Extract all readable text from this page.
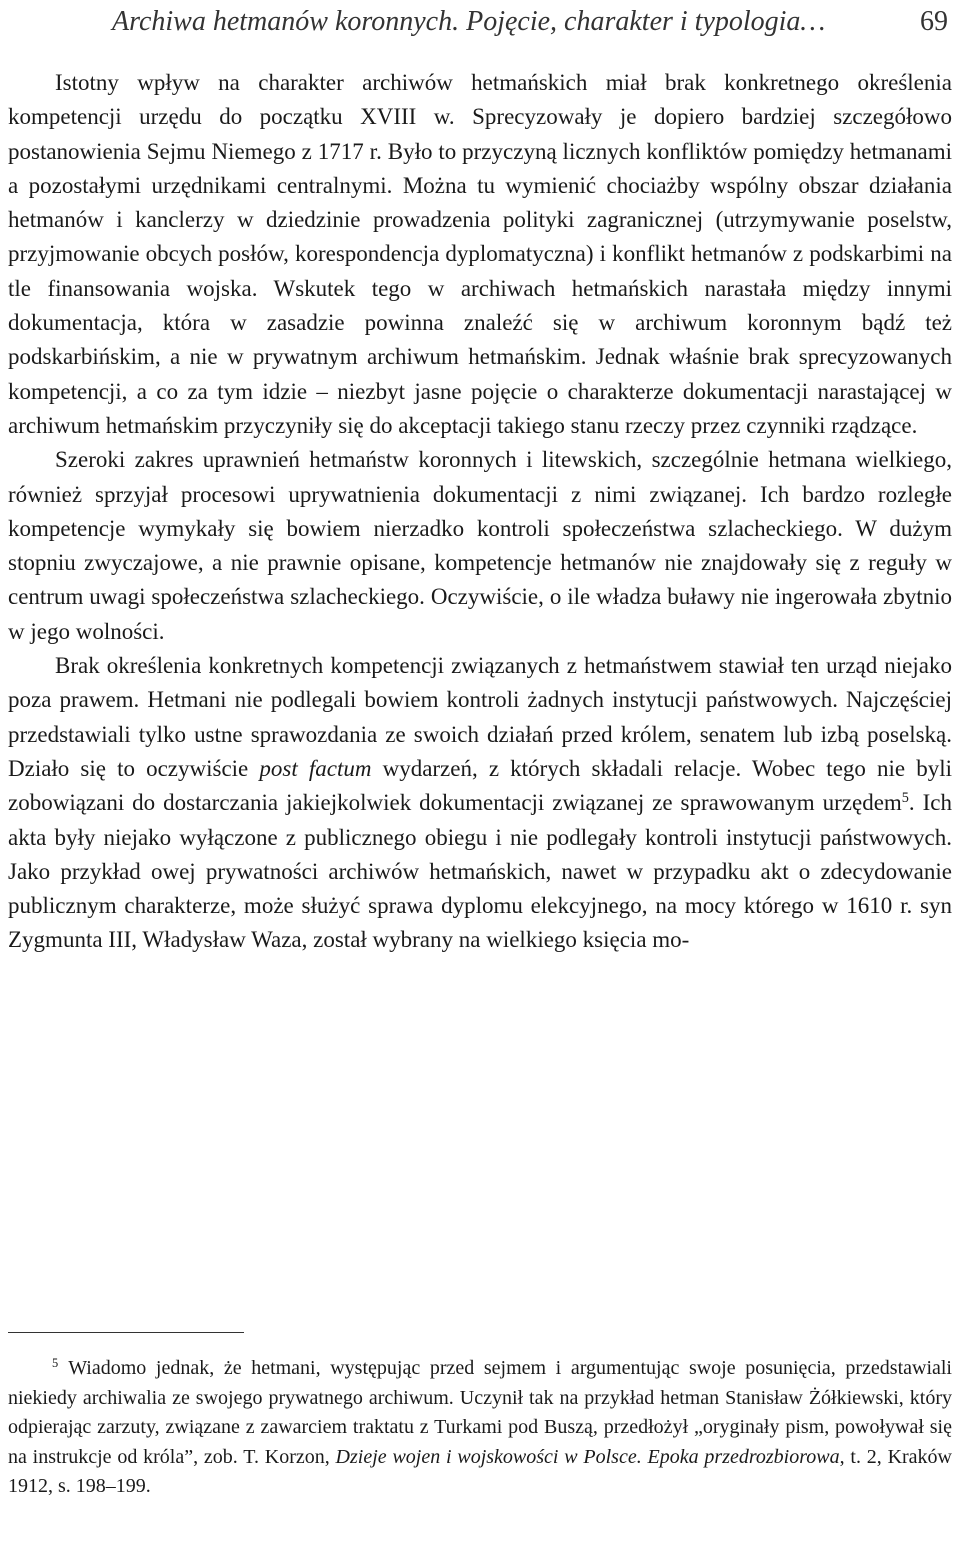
Archiwa hetmanów koronnych. Pojęcie, charakter i typologia…	69

Istotny wpływ na charakter archiwów hetmańskich miał brak konkretnego określenia kompetencji urzędu do początku XVIII w. Sprecyzowały je dopiero bardziej szczegółowo postanowienia Sejmu Niemego z 1717 r. Było to przyczyną licznych konfliktów pomiędzy hetmanami a pozostałymi urzędnikami centralnymi. Można tu wymienić chociażby wspólny obszar działania hetmanów i kanclerzy w dziedzinie prowadzenia polityki zagranicznej (utrzymywanie poselstw, przyjmowanie obcych posłów, korespondencja dyplomatyczna) i konflikt hetmanów z podskarbimi na tle finansowania wojska. Wskutek tego w archiwach hetmańskich narastała między innymi dokumentacja, która w zasadzie powinna znaleźć się w archiwum koronnym bądź też podskarbińskim, a nie w prywatnym archiwum hetmańskim. Jednak właśnie brak sprecyzowanych kompetencji, a co za tym idzie – niezbyt jasne pojęcie o charakterze dokumentacji narastającej w archiwum hetmańskim przyczyniły się do akceptacji takiego stanu rzeczy przez czynniki rządzące.

Szeroki zakres uprawnień hetmaństw koronnych i litewskich, szczególnie hetmana wielkiego, również sprzyjał procesowi uprywatnienia dokumentacji z nimi związanej. Ich bardzo rozległe kompetencje wymykały się bowiem nierzadko kontroli społeczeństwa szlacheckiego. W dużym stopniu zwyczajowe, a nie prawnie opisane, kompetencje hetmanów nie znajdowały się z reguły w centrum uwagi społeczeństwa szlacheckiego. Oczywiście, o ile władza buławy nie ingerowała zbytnio w jego wolności.

Brak określenia konkretnych kompetencji związanych z hetmaństwem stawiał ten urząd niejako poza prawem. Hetmani nie podlegali bowiem kontroli żadnych instytucji państwowych. Najczęściej przedstawiali tylko ustne sprawozdania ze swoich działań przed królem, senatem lub izbą poselską. Działo się to oczywiście post factum wydarzeń, z których składali relacje. Wobec tego nie byli zobowiązani do dostarczania jakiejkolwiek dokumentacji związanej ze sprawowanym urzędem$^5$. Ich akta były niejako wyłączone z publicznego obiegu i nie podlegały kontroli instytucji państwowych. Jako przykład owej prywatności archiwów hetmańskich, nawet w przypadku akt o zdecydowanie publicznym charakterze, może służyć sprawa dyplomu elekcyjnego, na mocy którego w 1610 r. syn Zygmunta III, Władysław Waza, został wybrany na wielkiego księcia mo-

$^5$ Wiadomo jednak, że hetmani, występując przed sejmem i argumentując swoje posunięcia, przedstawiali niekiedy archiwalia ze swojego prywatnego archiwum. Uczynił tak na przykład hetman Stanisław Żółkiewski, który odpierając zarzuty, związane z zawarciem traktatu z Turkami pod Buszą, przedłożył „oryginały pism, powoływał się na instrukcje od króla”, zob. T. Korzon, Dzieje wojen i wojskowości w Polsce. Epoka przedrozbiorowa, t. 2, Kraków 1912, s. 198–199.
